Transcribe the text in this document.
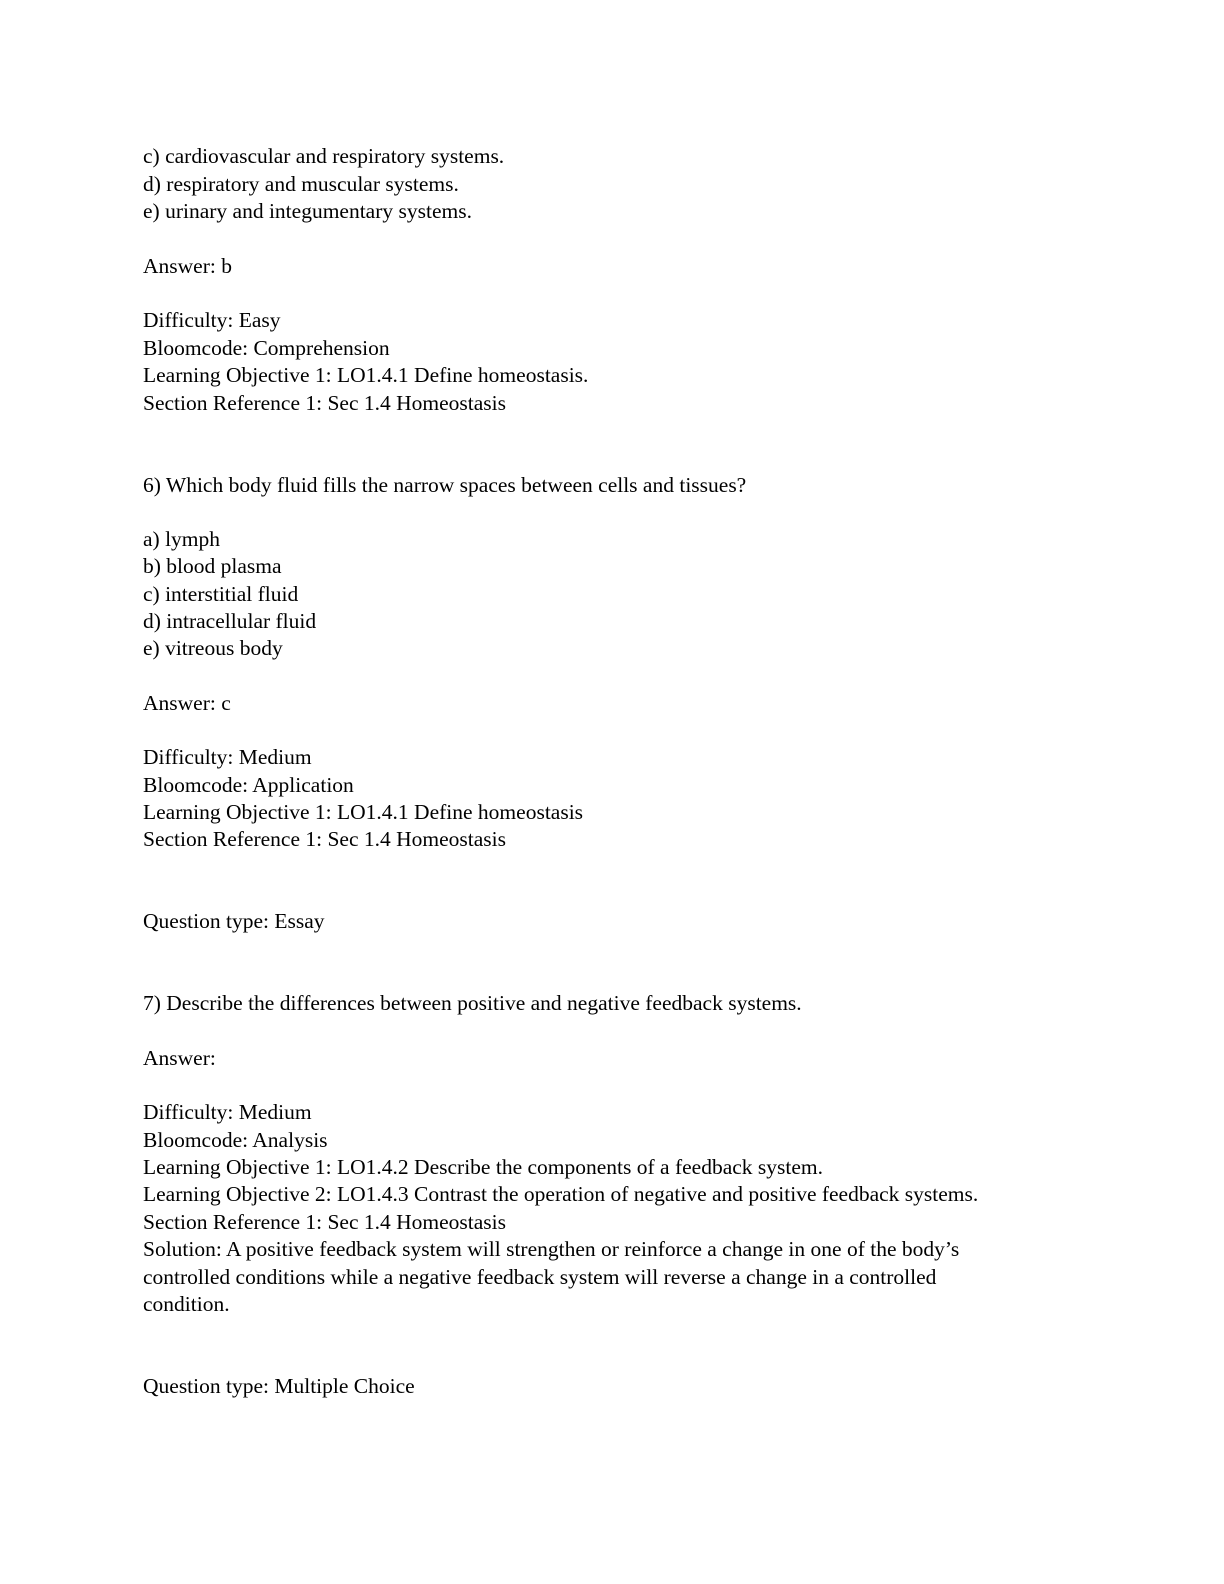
c) cardiovascular and respiratory systems.
d) respiratory and muscular systems.
e) urinary and integumentary systems.
Answer: b
Difficulty: Easy
Bloomcode: Comprehension
Learning Objective 1: LO1.4.1 Define homeostasis.
Section Reference 1: Sec 1.4 Homeostasis
6) Which body fluid fills the narrow spaces between cells and tissues?
a) lymph
b) blood plasma
c) interstitial fluid
d) intracellular fluid
e) vitreous body
Answer: c
Difficulty: Medium
Bloomcode: Application
Learning Objective 1: LO1.4.1 Define homeostasis
Section Reference 1: Sec 1.4 Homeostasis
Question type: Essay
7) Describe the differences between positive and negative feedback systems.
Answer:
Difficulty: Medium
Bloomcode: Analysis
Learning Objective 1: LO1.4.2 Describe the components of a feedback system.
Learning Objective 2: LO1.4.3 Contrast the operation of negative and positive feedback systems.
Section Reference 1: Sec 1.4 Homeostasis
Solution: A positive feedback system will strengthen or reinforce a change in one of the body’s
controlled conditions while a negative feedback system will reverse a change in a controlled
condition.
Question type: Multiple Choice
